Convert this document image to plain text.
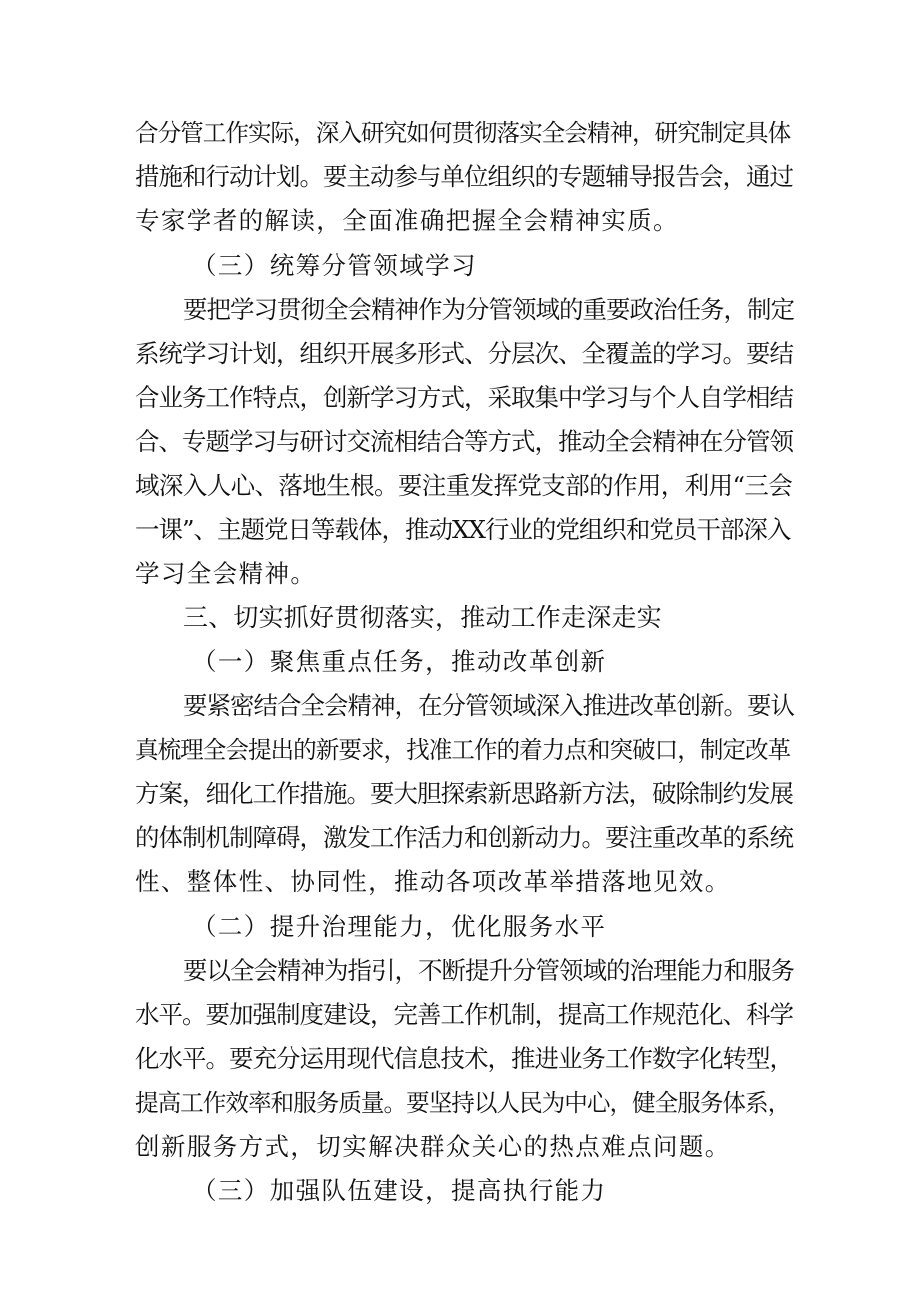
合分管工作实际，深入研究如何贯彻落实全会精神，研究制定具体

措施和行动计划。要主动参与单位组织的专题辅导报告会，通过

专家学者的解读，全面准确把握全会精神实质。

（三）统筹分管领域学习

要把学习贯彻全会精神作为分管领域的重要政治任务，制定

系统学习计划，组织开展多形式、分层次、全覆盖的学习。要结

合业务工作特点，创新学习方式，采取集中学习与个人自学相结

合、专题学习与研讨交流相结合等方式，推动全会精神在分管领

域深入人心、落地生根。要注重发挥党支部的作用，利用“三会

一课”、主题党日等载体，推动XX行业的党组织和党员干部深入

学习全会精神。

三、切实抓好贯彻落实，推动工作走深走实

（一）聚焦重点任务，推动改革创新

要紧密结合全会精神，在分管领域深入推进改革创新。要认

真梳理全会提出的新要求，找准工作的着力点和突破口，制定改革

方案，细化工作措施。要大胆探索新思路新方法，破除制约发展

的体制机制障碍，激发工作活力和创新动力。要注重改革的系统

性、整体性、协同性，推动各项改革举措落地见效。

（二）提升治理能力，优化服务水平

要以全会精神为指引，不断提升分管领域的治理能力和服务

水平。要加强制度建设，完善工作机制，提高工作规范化、科学

化水平。要充分运用现代信息技术，推进业务工作数字化转型，

提高工作效率和服务质量。要坚持以人民为中心，健全服务体系，

创新服务方式，切实解决群众关心的热点难点问题。

（三）加强队伍建设，提高执行能力
